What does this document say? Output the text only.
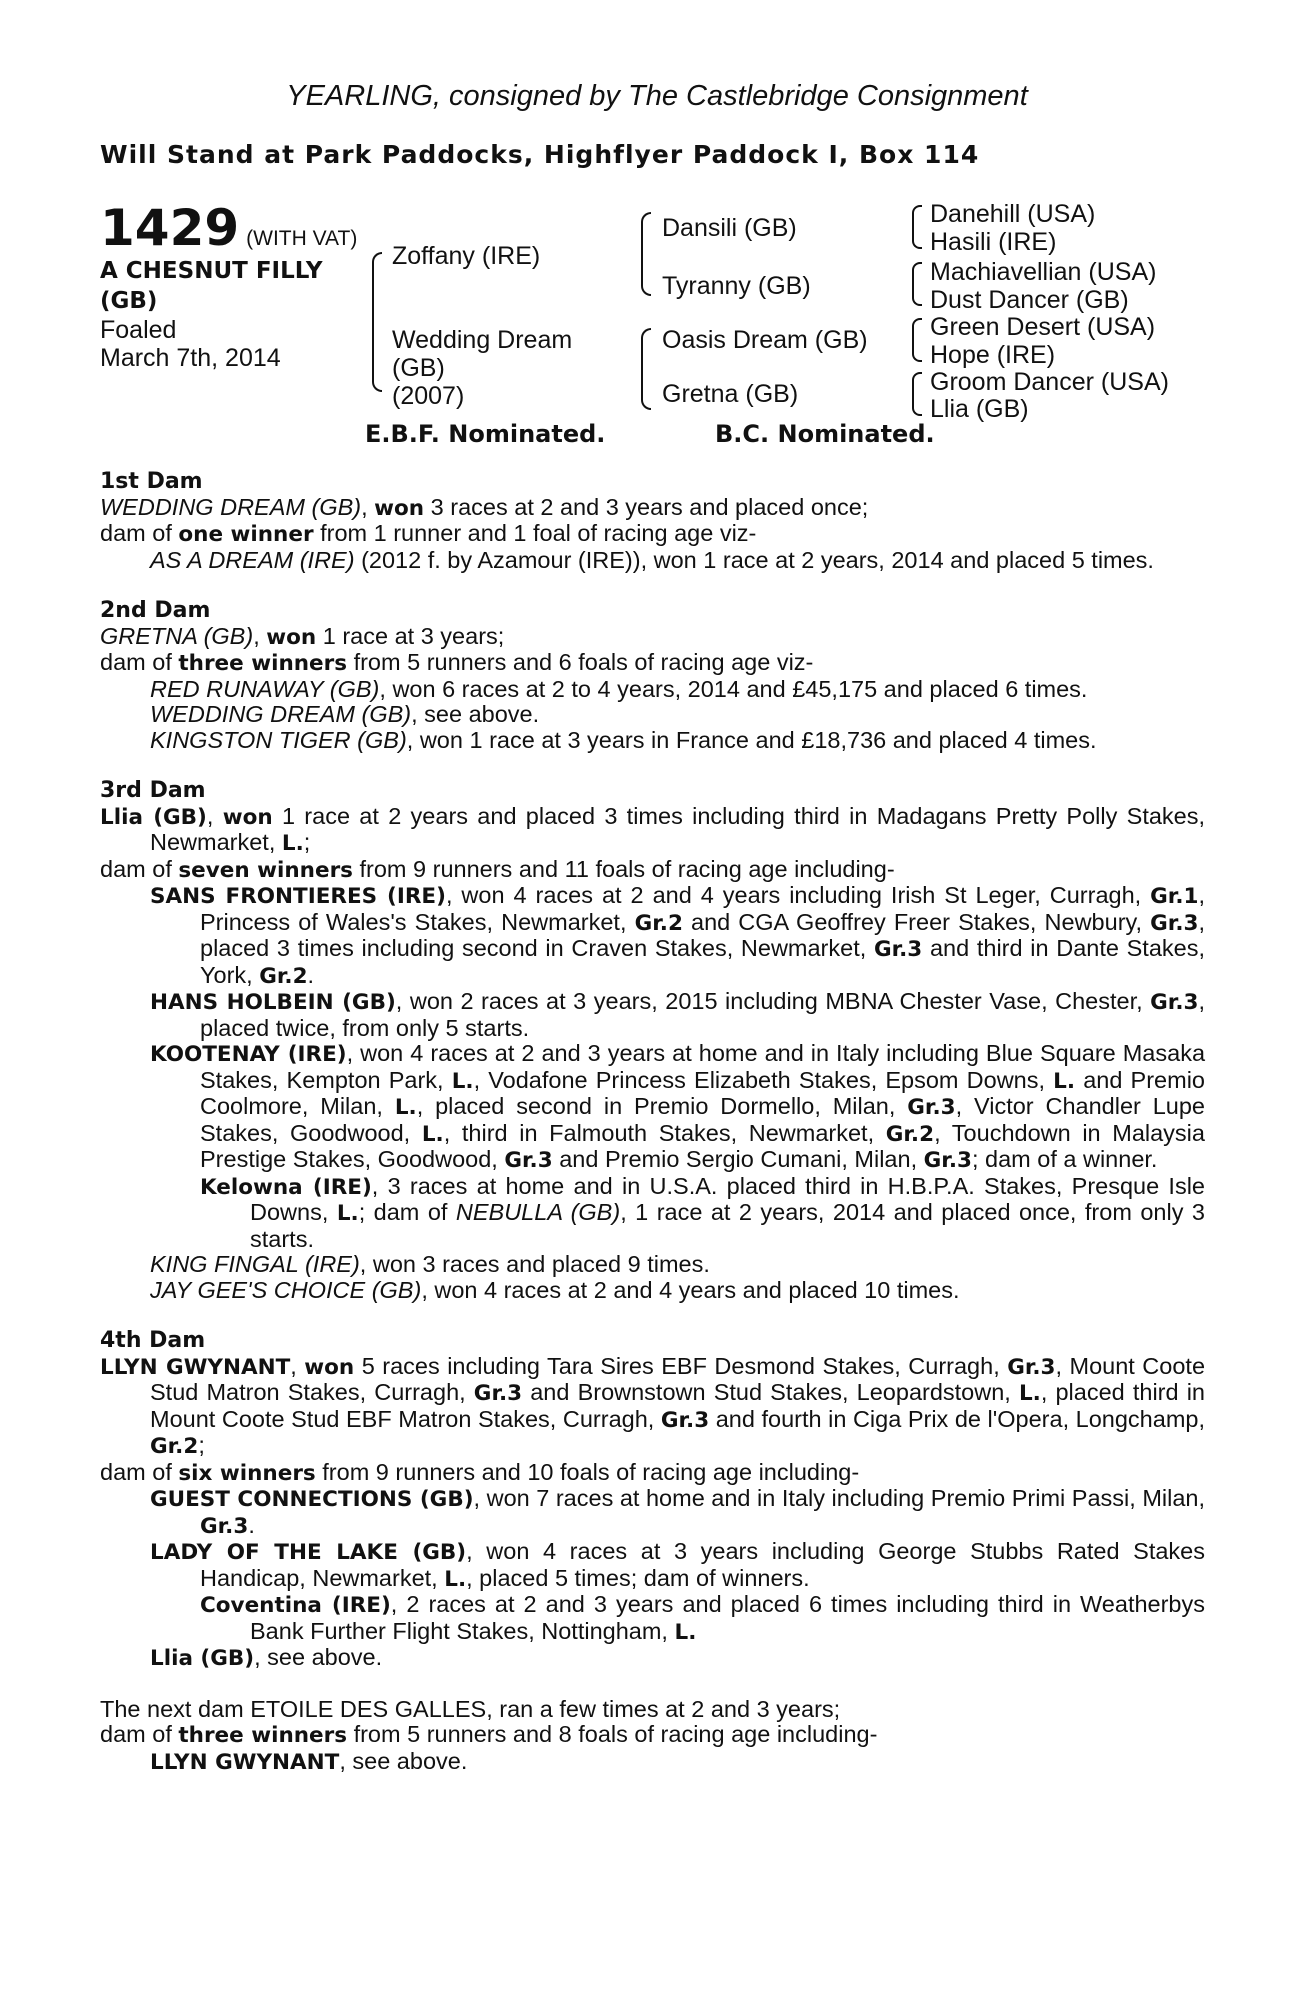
YEARLING, consigned by The Castlebridge Consignment
Will Stand at Park Paddocks, Highflyer Paddock I, Box 114
1429 (WITH VAT)
A CHESNUT FILLY
(GB)
Foaled
March 7th, 2014
Zoffany (IRE)
Wedding Dream
(GB)
(2007)
Dansili (GB)
Tyranny (GB)
Oasis Dream (GB)
Gretna (GB)
Danehill (USA)
Hasili (IRE)
Machiavellian (USA)
Dust Dancer (GB)
Green Desert (USA)
Hope (IRE)
Groom Dancer (USA)
Llia (GB)
E.B.F. Nominated.	B.C. Nominated.
1st Dam
WEDDING DREAM (GB), won 3 races at 2 and 3 years and placed once;
dam of one winner from 1 runner and 1 foal of racing age viz-
AS A DREAM (IRE) (2012 f. by Azamour (IRE)), won 1 race at 2 years, 2014 and placed 5 times.
2nd Dam
GRETNA (GB), won 1 race at 3 years;
dam of three winners from 5 runners and 6 foals of racing age viz-
RED RUNAWAY (GB), won 6 races at 2 to 4 years, 2014 and £45,175 and placed 6 times.
WEDDING DREAM (GB), see above.
KINGSTON TIGER (GB), won 1 race at 3 years in France and £18,736 and placed 4 times.
3rd Dam
Llia (GB), won 1 race at 2 years and placed 3 times including third in Madagans Pretty Polly Stakes, Newmarket, L.;
dam of seven winners from 9 runners and 11 foals of racing age including-
SANS FRONTIERES (IRE), won 4 races at 2 and 4 years including Irish St Leger, Curragh, Gr.1, Princess of Wales's Stakes, Newmarket, Gr.2 and CGA Geoffrey Freer Stakes, Newbury, Gr.3, placed 3 times including second in Craven Stakes, Newmarket, Gr.3 and third in Dante Stakes, York, Gr.2.
HANS HOLBEIN (GB), won 2 races at 3 years, 2015 including MBNA Chester Vase, Chester, Gr.3, placed twice, from only 5 starts.
KOOTENAY (IRE), won 4 races at 2 and 3 years at home and in Italy including Blue Square Masaka Stakes, Kempton Park, L., Vodafone Princess Elizabeth Stakes, Epsom Downs, L. and Premio Coolmore, Milan, L., placed second in Premio Dormello, Milan, Gr.3, Victor Chandler Lupe Stakes, Goodwood, L., third in Falmouth Stakes, Newmarket, Gr.2, Touchdown in Malaysia Prestige Stakes, Goodwood, Gr.3 and Premio Sergio Cumani, Milan, Gr.3; dam of a winner.
Kelowna (IRE), 3 races at home and in U.S.A. placed third in H.B.P.A. Stakes, Presque Isle Downs, L.; dam of NEBULLA (GB), 1 race at 2 years, 2014 and placed once, from only 3 starts.
KING FINGAL (IRE), won 3 races and placed 9 times.
JAY GEE'S CHOICE (GB), won 4 races at 2 and 4 years and placed 10 times.
4th Dam
LLYN GWYNANT, won 5 races including Tara Sires EBF Desmond Stakes, Curragh, Gr.3, Mount Coote Stud Matron Stakes, Curragh, Gr.3 and Brownstown Stud Stakes, Leopardstown, L., placed third in Mount Coote Stud EBF Matron Stakes, Curragh, Gr.3 and fourth in Ciga Prix de l'Opera, Longchamp, Gr.2;
dam of six winners from 9 runners and 10 foals of racing age including-
GUEST CONNECTIONS (GB), won 7 races at home and in Italy including Premio Primi Passi, Milan, Gr.3.
LADY OF THE LAKE (GB), won 4 races at 3 years including George Stubbs Rated Stakes Handicap, Newmarket, L., placed 5 times; dam of winners.
Coventina (IRE), 2 races at 2 and 3 years and placed 6 times including third in Weatherbys Bank Further Flight Stakes, Nottingham, L.
Llia (GB), see above.
The next dam ETOILE DES GALLES, ran a few times at 2 and 3 years;
dam of three winners from 5 runners and 8 foals of racing age including-
LLYN GWYNANT, see above.
